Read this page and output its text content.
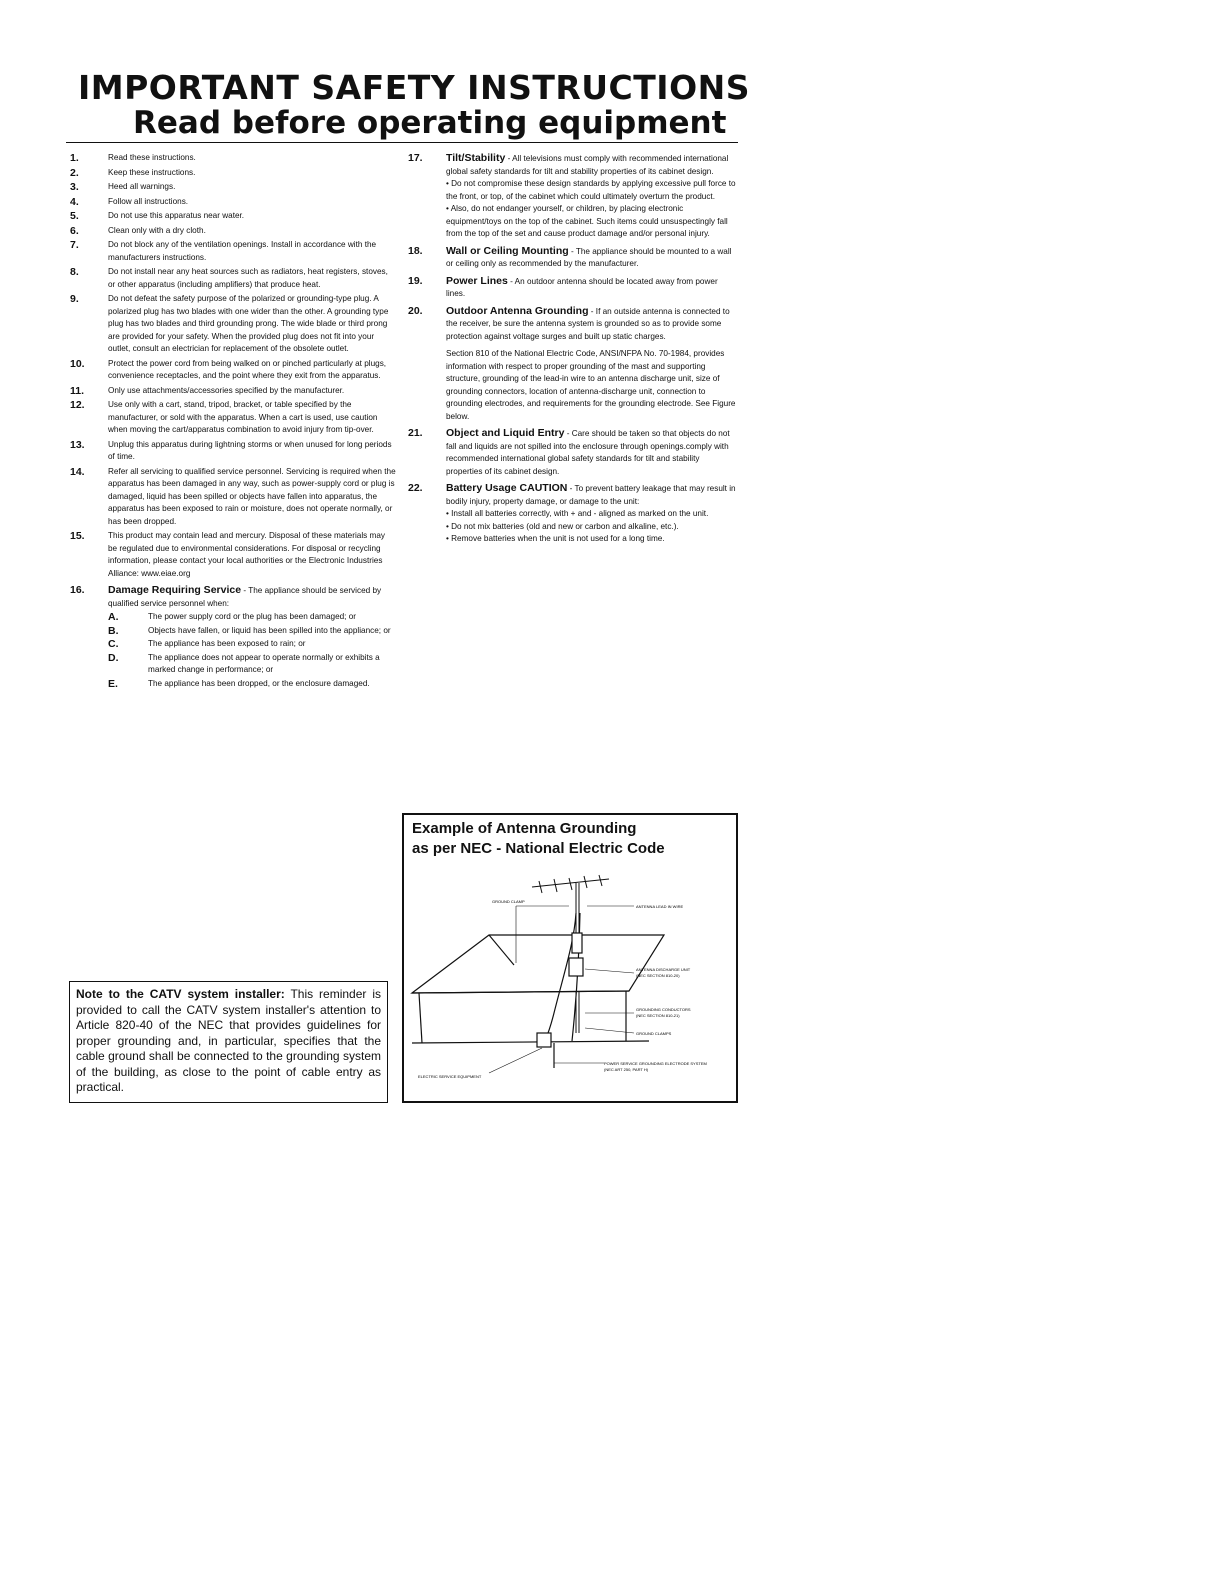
IMPORTANT SAFETY INSTRUCTIONS
Read before operating equipment
1.	Read these instructions.
2.	Keep these instructions.
3.	Heed all warnings.
4.	Follow all instructions.
5.	Do not use this apparatus near water.
6.	Clean only with a dry cloth.
7.	Do not block any of the ventilation openings. Install in accordance with the manufacturers instructions.
8.	Do not install near any heat sources such as radiators, heat registers, stoves, or other apparatus (including amplifiers) that produce heat.
9.	Do not defeat the safety purpose of the polarized or grounding-type plug. A polarized plug has two blades with one wider than the other. A grounding type plug has two blades and third grounding prong. The wide blade or third prong are provided for your safety. When the provided plug does not fit into your outlet, consult an electrician for replacement of the obsolete outlet.
10.	Protect the power cord from being walked on or pinched particularly at plugs, convenience receptacles, and the point where they exit from the apparatus.
11.	Only use attachments/accessories specified by the manufacturer.
12.	Use only with a cart, stand, tripod, bracket, or table specified by the manufacturer, or sold with the apparatus. When a cart is used, use caution when moving the cart/apparatus combination to avoid injury from tip-over.
13.	Unplug this apparatus during lightning storms or when unused for long periods of time.
14.	Refer all servicing to qualified service personnel. Servicing is required when the apparatus has been damaged in any way, such as power-supply cord or plug is damaged, liquid has been spilled or objects have fallen into apparatus, the apparatus has been exposed to rain or moisture, does not operate normally, or has been dropped.
15.	This product may contain lead and mercury. Disposal of these materials may be regulated due to environmental considerations. For disposal or recycling information, please contact your local authorities or the Electronic Industries Alliance: www.eiae.org
16. Damage Requiring Service - The appliance should be serviced by qualified service personnel when:
A.	The power supply cord or the plug has been damaged; or
B.	Objects have fallen, or liquid has been spilled into the appliance; or
C.	The appliance has been exposed to rain; or
D.	The appliance does not appear to operate normally or exhibits a marked change in performance; or
E.	The appliance has been dropped, or the enclosure damaged.
17. Tilt/Stability - All televisions must comply with recommended international global safety standards for tilt and stability properties of its cabinet design.
• Do not compromise these design standards by applying excessive pull force to the front, or top, of the cabinet which could ultimately overturn the product.
• Also, do not endanger yourself, or children, by placing electronic equipment/toys on the top of the cabinet. Such items could unsuspectingly fall from the top of the set and cause product damage and/or personal injury.
18. Wall or Ceiling Mounting - The appliance should be mounted to a wall or ceiling only as recommended by the manufacturer.
19. Power Lines - An outdoor antenna should be located away from power lines.
20. Outdoor Antenna Grounding - If an outside antenna is connected to the receiver, be sure the antenna system is grounded so as to provide some protection against voltage surges and built up static charges.
Section 810 of the National Electric Code, ANSI/NFPA No. 70-1984, provides information with respect to proper grounding of the mast and supporting structure, grounding of the lead-in wire to an antenna discharge unit, size of grounding connectors, location of antenna-discharge unit, connection to grounding electrodes, and requirements for the grounding electrode. See Figure below.
21. Object and Liquid Entry - Care should be taken so that objects do not fall and liquids are not spilled into the enclosure through openings.comply with recommended international global safety standards for tilt and stability properties of its cabinet design.
22. Battery Usage CAUTION - To prevent battery leakage that may result in bodily injury, property damage, or damage to the unit:
• Install all batteries correctly, with + and - aligned as marked on the unit.
• Do not mix batteries (old and new or carbon and alkaline, etc.).
• Remove batteries when the unit is not used for a long time.
Note to the CATV system installer: This reminder is provided to call the CATV system installer's attention to Article 820-40 of the NEC that provides guidelines for proper grounding and, in particular, specifies that the cable ground shall be connected to the grounding system of the building, as close to the point of cable entry as practical.
Example of Antenna Grounding
as per NEC - National Electric Code
GROUND CLAMP
ANTENNA LEAD IN WIRE
ANTENNA DISCHARGE UNIT
(NEC SECTION 810-20)
GROUNDING CONDUCTORS
(NEC SECTION 810-21)
GROUND CLAMPS
ELECTRIC SERVICE EQUIPMENT
POWER SERVICE GROUNDING ELECTRODE SYSTEM
(NEC ART 250, PART H)
